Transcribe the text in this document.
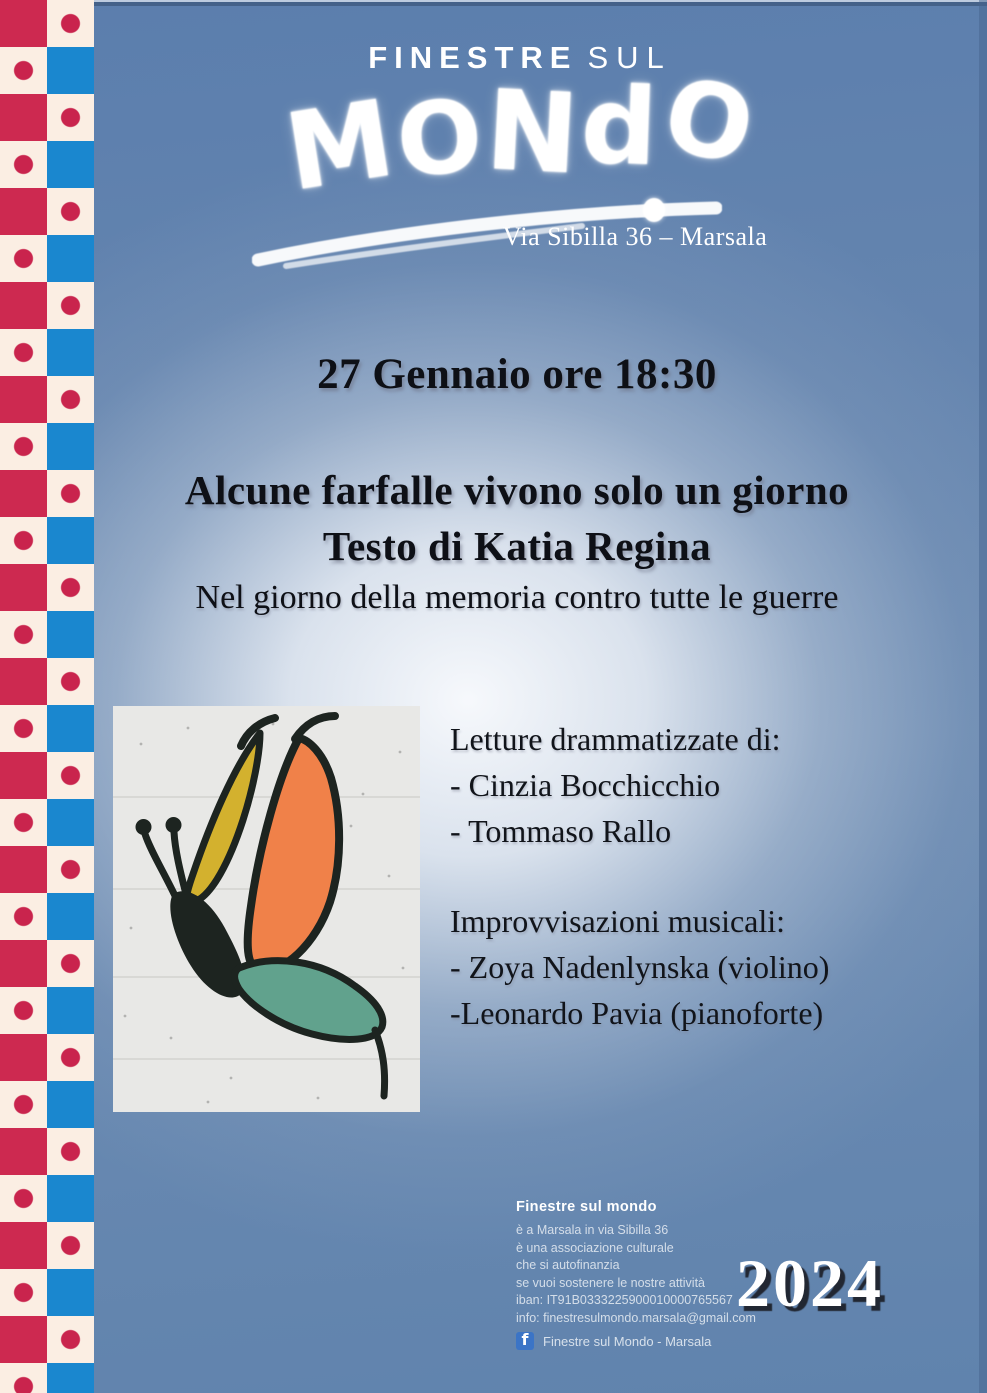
FINESTRE SUL
MONdO
Via Sibilla 36 – Marsala
27 Gennaio ore 18:30
Alcune farfalle vivono solo un giorno
Testo di Katia Regina
Nel giorno della memoria contro tutte le guerre
Letture drammatizzate di:
- Cinzia Bocchicchio
- Tommaso Rallo
Improvvisazioni musicali:
- Zoya Nadenlynska (violino)
-Leonardo Pavia (pianoforte)
Finestre sul mondo
è a Marsala in via Sibilla 36
è una associazione culturale
che si autofinanzia
se vuoi sostenere le nostre attività
iban: IT91B0333225900010000765567
info: finestresulmondo.marsala@gmail.com
f	Finestre sul Mondo - Marsala
2024
